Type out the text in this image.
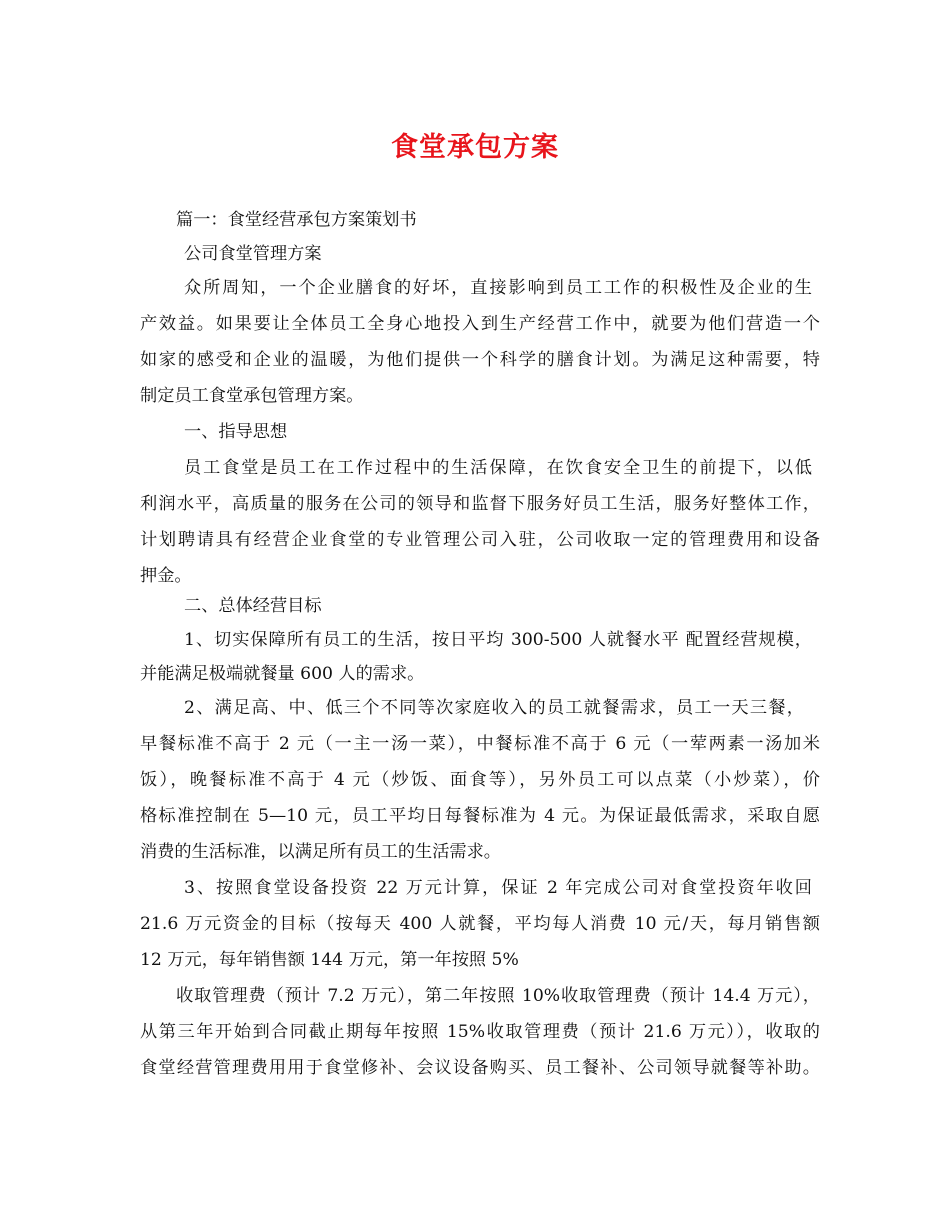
食堂承包方案
篇一：食堂经营承包方案策划书
公司食堂管理方案
众所周知，一个企业膳食的好坏，直接影响到员工工作的积极性及企业的生
产效益。如果要让全体员工全身心地投入到生产经营工作中，就要为他们营造一个
如家的感受和企业的温暖，为他们提供一个科学的膳食计划。为满足这种需要，特
制定员工食堂承包管理方案。
一、指导思想
员工食堂是员工在工作过程中的生活保障，在饮食安全卫生的前提下，以低
利润水平，高质量的服务在公司的领导和监督下服务好员工生活，服务好整体工作，
计划聘请具有经营企业食堂的专业管理公司入驻，公司收取一定的管理费用和设备
押金。
二、总体经营目标
1、切实保障所有员工的生活，按日平均 300-500 人就餐水平 配置经营规模，
并能满足极端就餐量 600 人的需求。
2、满足高、中、低三个不同等次家庭收入的员工就餐需求，员工一天三餐，
早餐标准不高于 2 元（一主一汤一菜），中餐标准不高于 6 元（一荤两素一汤加米
饭），晚餐标准不高于 4 元（炒饭、面食等），另外员工可以点菜（小炒菜），价
格标准控制在 5—10 元，员工平均日每餐标准为 4 元。为保证最低需求，采取自愿
消费的生活标准，以满足所有员工的生活需求。
3、按照食堂设备投资 22 万元计算，保证 2 年完成公司对食堂投资年收回
21.6 万元资金的目标（按每天 400 人就餐，平均每人消费 10 元/天，每月销售额
12 万元，每年销售额 144 万元，第一年按照 5%
收取管理费（预计 7.2 万元），第二年按照 10%收取管理费（预计 14.4 万元），
从第三年开始到合同截止期每年按照 15%收取管理费（预计 21.6 万元）），收取的
食堂经营管理费用用于食堂修补、会议设备购买、员工餐补、公司领导就餐等补助。
